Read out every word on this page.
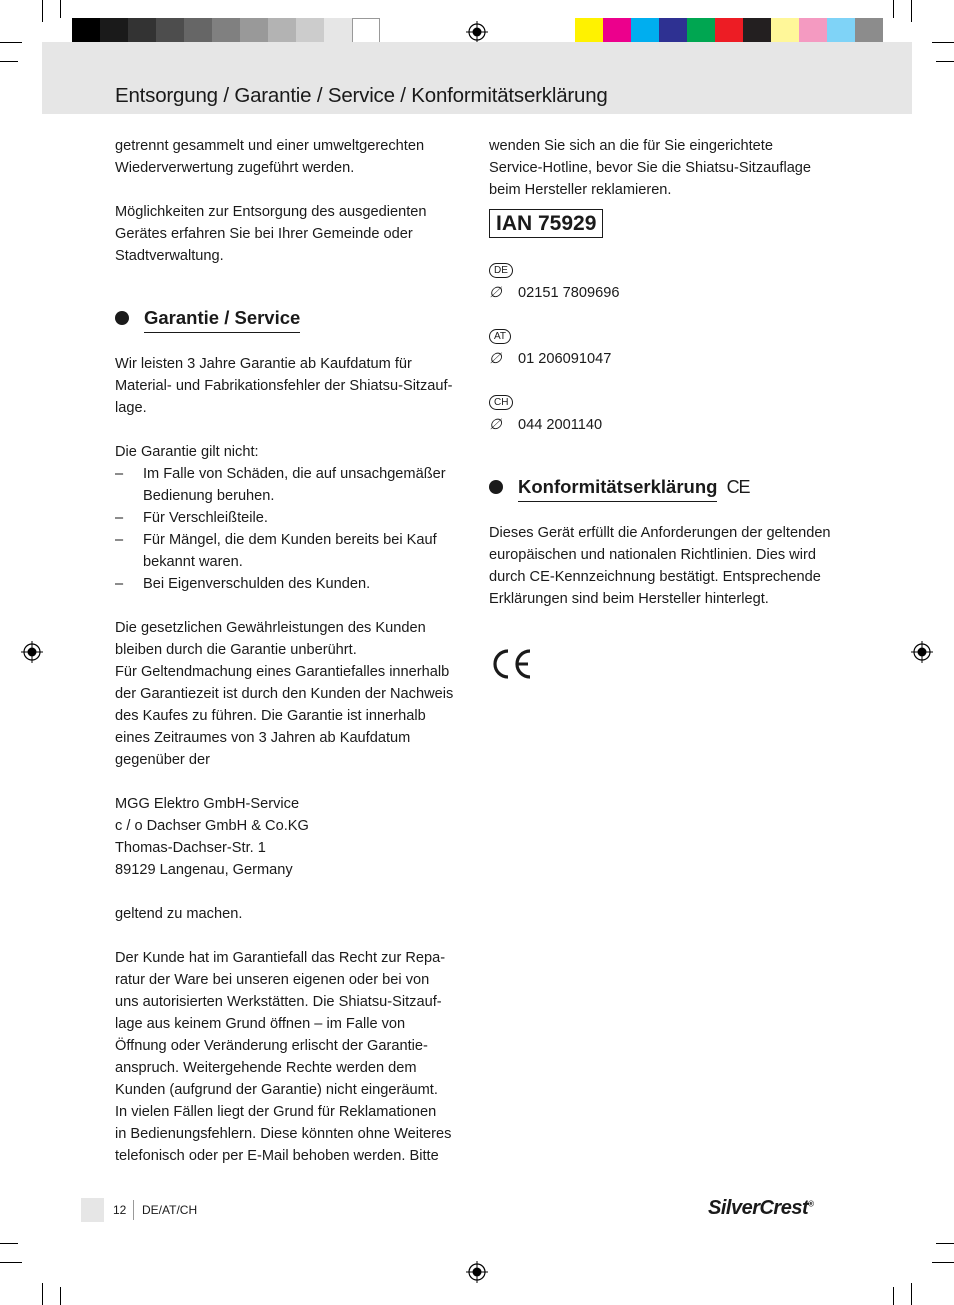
Entsorgung / Garantie / Service / Konformitätserklärung

getrennt gesammelt und einer umweltgerechten
Wiederverwertung zugeführt werden.

Möglichkeiten zur Entsorgung des ausgedienten
Gerätes erfahren Sie bei Ihrer Gemeinde oder
Stadtverwaltung.

Garantie / Service

Wir leisten 3 Jahre Garantie ab Kaufdatum für
Material- und Fabrikationsfehler der Shiatsu-Sitzauf-
lage.

Die Garantie gilt nicht:

– Im Falle von Schäden, die auf unsachgemäßer
Bedienung beruhen.
– Für Verschleißteile.
– Für Mängel, die dem Kunden bereits bei Kauf
bekannt waren.
– Bei Eigenverschulden des Kunden.

Die gesetzlichen Gewährleistungen des Kunden
bleiben durch die Garantie unberührt.
Für Geltendmachung eines Garantiefalles innerhalb
der Garantiezeit ist durch den Kunden der Nachweis
des Kaufes zu führen. Die Garantie ist innerhalb
eines Zeitraumes von 3 Jahren ab Kaufdatum
gegenüber der

MGG Elektro GmbH-Service
c / o Dachser GmbH & Co.KG
Thomas-Dachser-Str. 1
89129 Langenau, Germany

geltend zu machen.

Der Kunde hat im Garantiefall das Recht zur Repa-
ratur der Ware bei unseren eigenen oder bei von
uns autorisierten Werkstätten. Die Shiatsu-Sitzauf-
lage aus keinem Grund öffnen – im Falle von
Öffnung oder Veränderung erlischt der Garantie-
anspruch. Weitergehende Rechte werden dem
Kunden (aufgrund der Garantie) nicht eingeräumt.
In vielen Fällen liegt der Grund für Reklamationen
in Bedienungsfehlern. Diese könnten ohne Weiteres
telefonisch oder per E-Mail behoben werden. Bitte

wenden Sie sich an die für Sie eingerichtete
Service-Hotline, bevor Sie die Shiatsu-Sitzauflage
beim Hersteller reklamieren.

IAN 75929
DE
∅ 02151 7809696
AT
∅ 01 206091047
CH
∅ 044 2001140
Konformitätserklärung CE

Dieses Gerät erfüllt die Anforderungen der geltenden
europäischen und nationalen Richtlinien. Dies wird
durch CE-Kennzeichnung bestätigt. Entsprechende
Erklärungen sind beim Hersteller hinterlegt.

12 DE/AT/CH	SilverCrest®
